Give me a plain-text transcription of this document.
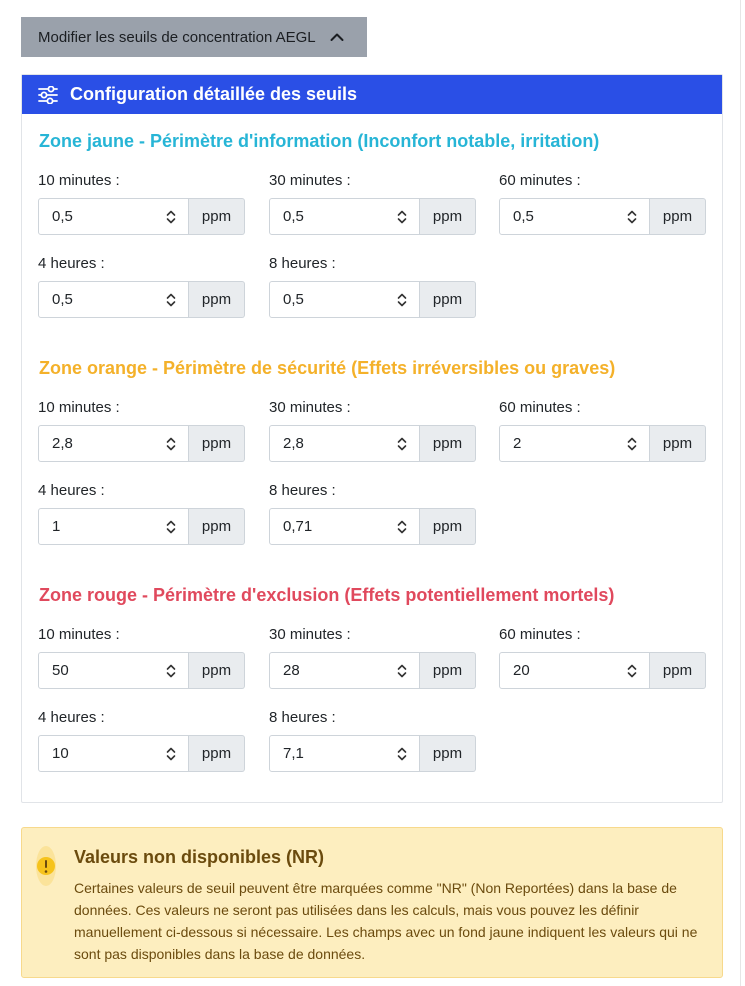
Modifier les seuils de concentration AEGL
Configuration détaillée des seuils
Zone jaune - Périmètre d'information (Inconfort notable, irritation)
10 minutes :
0,5	ppm
30 minutes :
0,5	ppm
60 minutes :
0,5	ppm
4 heures :
0,5	ppm
8 heures :
0,5	ppm
Zone orange - Périmètre de sécurité (Effets irréversibles ou graves)
10 minutes :
2,8	ppm
30 minutes :
2,8	ppm
60 minutes :
2	ppm
4 heures :
1	ppm
8 heures :
0,71	ppm
Zone rouge - Périmètre d'exclusion (Effets potentiellement mortels)
10 minutes :
50	ppm
30 minutes :
28	ppm
60 minutes :
20	ppm
4 heures :
10	ppm
8 heures :
7,1	ppm
Valeurs non disponibles (NR)
Certaines valeurs de seuil peuvent être marquées comme "NR" (Non Reportées) dans la base de données. Ces valeurs ne seront pas utilisées dans les calculs, mais vous pouvez les définir manuellement ci-dessous si nécessaire. Les champs avec un fond jaune indiquent les valeurs qui ne sont pas disponibles dans la base de données.
